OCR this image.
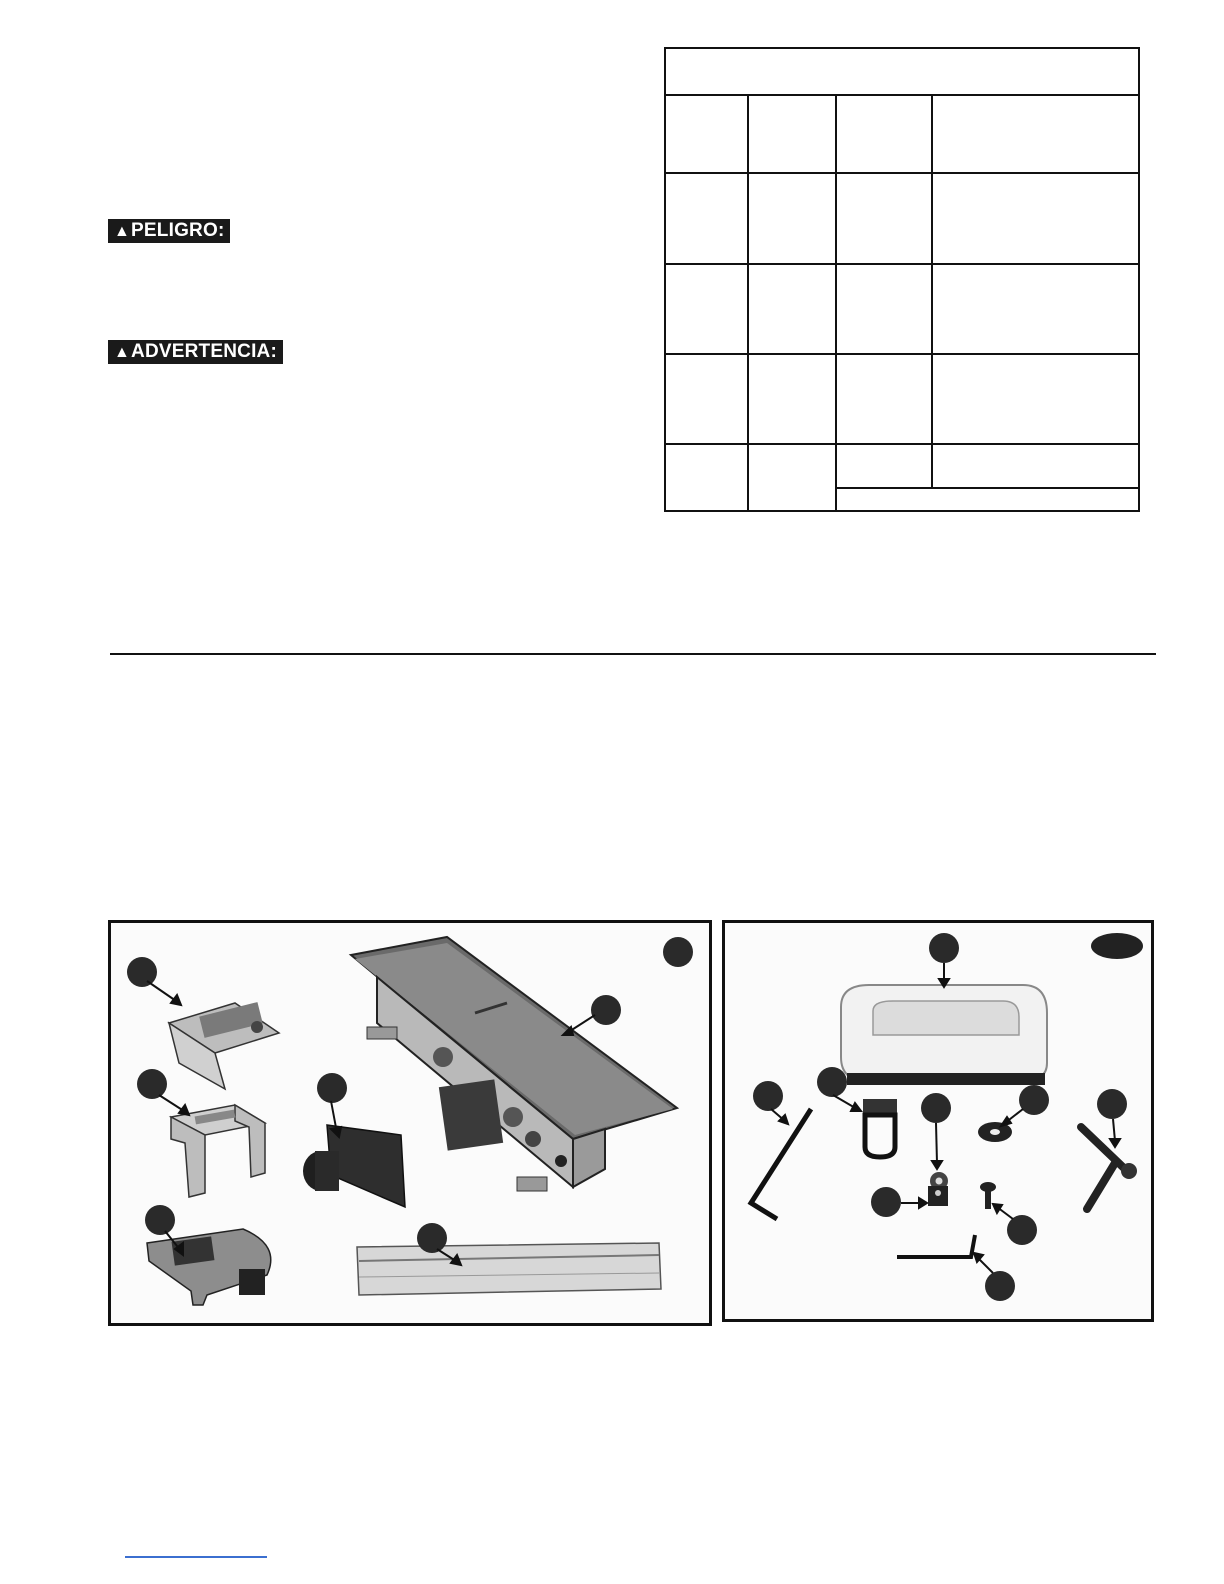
▲PELIGRO:
▲ADVERTENCIA:
